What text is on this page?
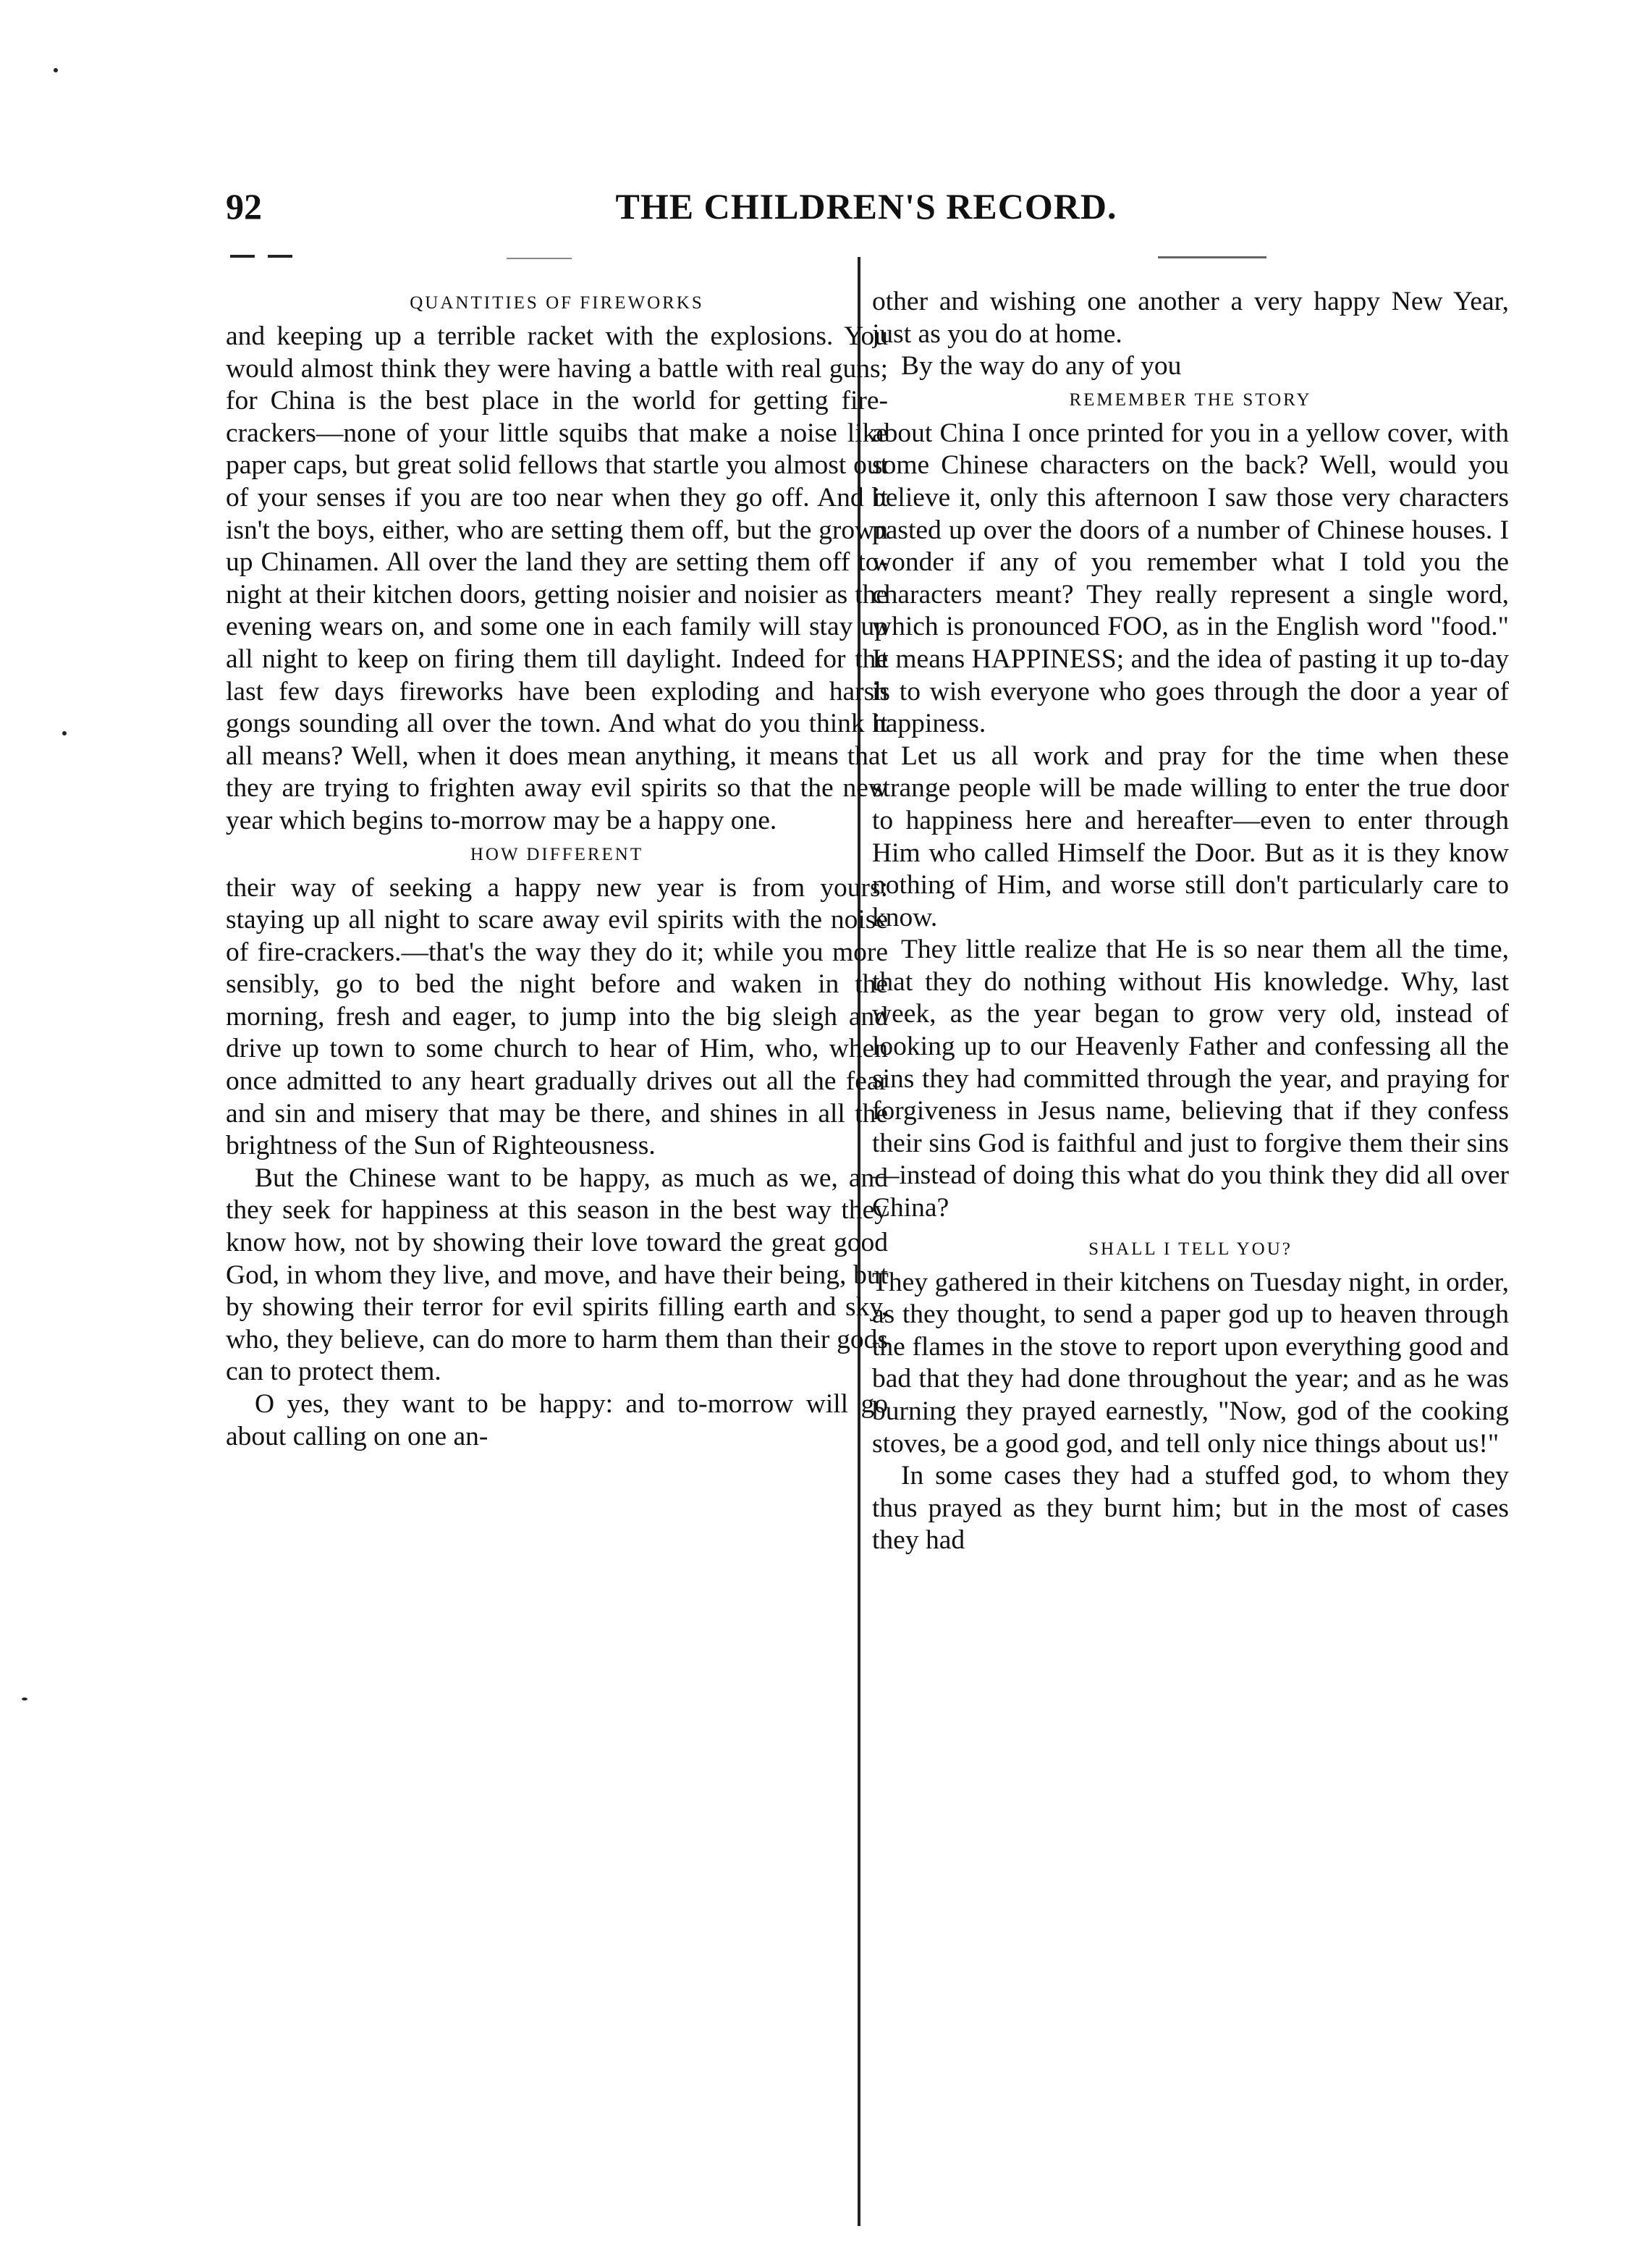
92	THE CHILDREN'S RECORD.
QUANTITIES OF FIREWORKS

and keeping up a terrible racket with the explosions. You would almost think they were having a battle with real guns; for China is the best place in the world for getting fire-crackers—none of your little squibs that make a noise like paper caps, but great solid fellows that startle you almost out of your senses if you are too near when they go off. And it isn't the boys, either, who are setting them off, but the grown up Chinamen. All over the land they are setting them off to-night at their kitchen doors, getting noisier and noisier as the evening wears on, and some one in each family will stay up all night to keep on firing them till daylight. Indeed for the last few days fireworks have been exploding and harsh gongs sounding all over the town. And what do you think it all means? Well, when it does mean anything, it means that they are trying to frighten away evil spirits so that the new year which begins to-morrow may be a happy one.

HOW DIFFERENT

their way of seeking a happy new year is from yours: staying up all night to scare away evil spirits with the noise of fire-crackers.—that's the way they do it; while you more sensibly, go to bed the night before and waken in the morning, fresh and eager, to jump into the big sleigh and drive up town to some church to hear of Him, who, when once admitted to any heart gradually drives out all the fear and sin and misery that may be there, and shines in all the brightness of the Sun of Righteousness.

But the Chinese want to be happy, as much as we, and they seek for happiness at this season in the best way they know how, not by showing their love toward the great good God, in whom they live, and move, and have their being, but by showing their terror for evil spirits filling earth and sky, who, they believe, can do more to harm them than their gods can to protect them.

O yes, they want to be happy: and to-morrow will go about calling on one an-

other and wishing one another a very happy New Year, just as you do at home.

By the way do any of you

REMEMBER THE STORY

about China I once printed for you in a yellow cover, with some Chinese characters on the back? Well, would you believe it, only this afternoon I saw those very characters pasted up over the doors of a number of Chinese houses. I wonder if any of you remember what I told you the characters meant? They really represent a single word, which is pronounced FOO, as in the English word "food." It means HAPPINESS; and the idea of pasting it up to-day is to wish everyone who goes through the door a year of happiness.

Let us all work and pray for the time when these strange people will be made willing to enter the true door to happiness here and hereafter—even to enter through Him who called Himself the Door. But as it is they know nothing of Him, and worse still don't particularly care to know.

They little realize that He is so near them all the time, that they do nothing without His knowledge. Why, last week, as the year began to grow very old, instead of looking up to our Heavenly Father and confessing all the sins they had committed through the year, and praying for forgiveness in Jesus name, believing that if they confess their sins God is faithful and just to forgive them their sins—instead of doing this what do you think they did all over China?

SHALL I TELL YOU?

They gathered in their kitchens on Tuesday night, in order, as they thought, to send a paper god up to heaven through the flames in the stove to report upon everything good and bad that they had done throughout the year; and as he was burning they prayed earnestly, "Now, god of the cooking stoves, be a good god, and tell only nice things about us!"

In some cases they had a stuffed god, to whom they thus prayed as they burnt him; but in the most of cases they had
